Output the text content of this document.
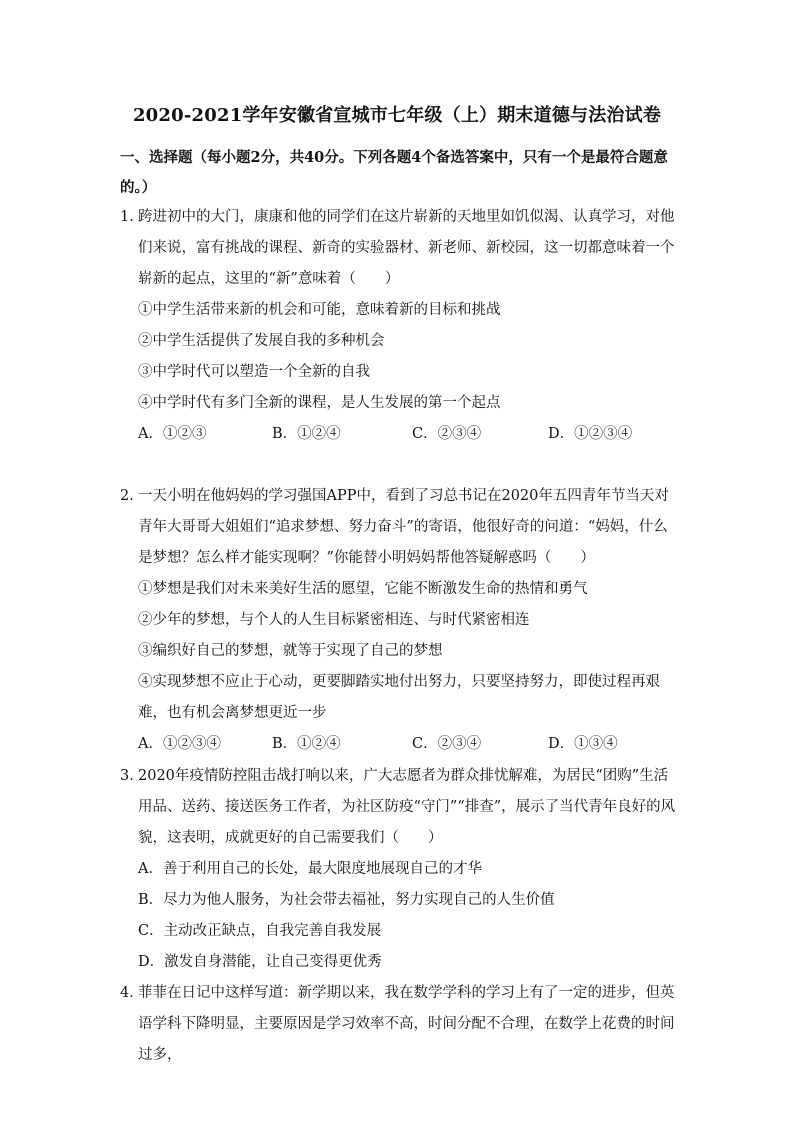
2020-2021学年安徽省宣城市七年级（上）期末道德与法治试卷
一、选择题（每小题2分，共40分。下列各题4个备选答案中，只有一个是最符合题意的。）
1．
跨进初中的大门，康康和他的同学们在这片崭新的天地里如饥似渴、认真学习，对他们来说，富有挑战的课程、新奇的实验器材、新老师、新校园，这一切都意味着一个崭新的起点，这里的“新”意味着（　　）
①中学生活带来新的机会和可能，意味着新的目标和挑战
②中学生活提供了发展自我的多种机会
③中学时代可以塑造一个全新的自我
④中学时代有多门全新的课程，是人生发展的第一个起点
A．①②③	B．①②④	C．②③④	D．①②③④
2．
一天小明在他妈妈的学习强国APP中，看到了习总书记在2020年五四青年节当天对青年大哥哥大姐姐们“追求梦想、努力奋斗”的寄语，他很好奇的问道：“妈妈，什么是梦想？怎么样才能实现啊？”你能替小明妈妈帮他答疑解惑吗（　　）
①梦想是我们对未来美好生活的愿望，它能不断激发生命的热情和勇气
②少年的梦想，与个人的人生目标紧密相连、与时代紧密相连
③编织好自己的梦想，就等于实现了自己的梦想
④实现梦想不应止于心动，更要脚踏实地付出努力，只要坚持努力，即使过程再艰难，也有机会离梦想更近一步
A．①②③④	B．①②④	C．②③④	D．①③④
3．
2020年疫情防控阻击战打响以来，广大志愿者为群众排忧解难，为居民“团购”生活用品、送药、接送医务工作者，为社区防疫“守门”“排查”，展示了当代青年良好的风貌，这表明，成就更好的自己需要我们（　　）
A．善于利用自己的长处，最大限度地展现自己的才华
B．尽力为他人服务，为社会带去福祉，努力实现自己的人生价值
C．主动改正缺点，自我完善自我发展
D．激发自身潜能，让自己变得更优秀
4．
菲菲在日记中这样写道：新学期以来，我在数学学科的学习上有了一定的进步，但英语学科下降明显，主要原因是学习效率不高，时间分配不合理，在数学上花费的时间过多，
